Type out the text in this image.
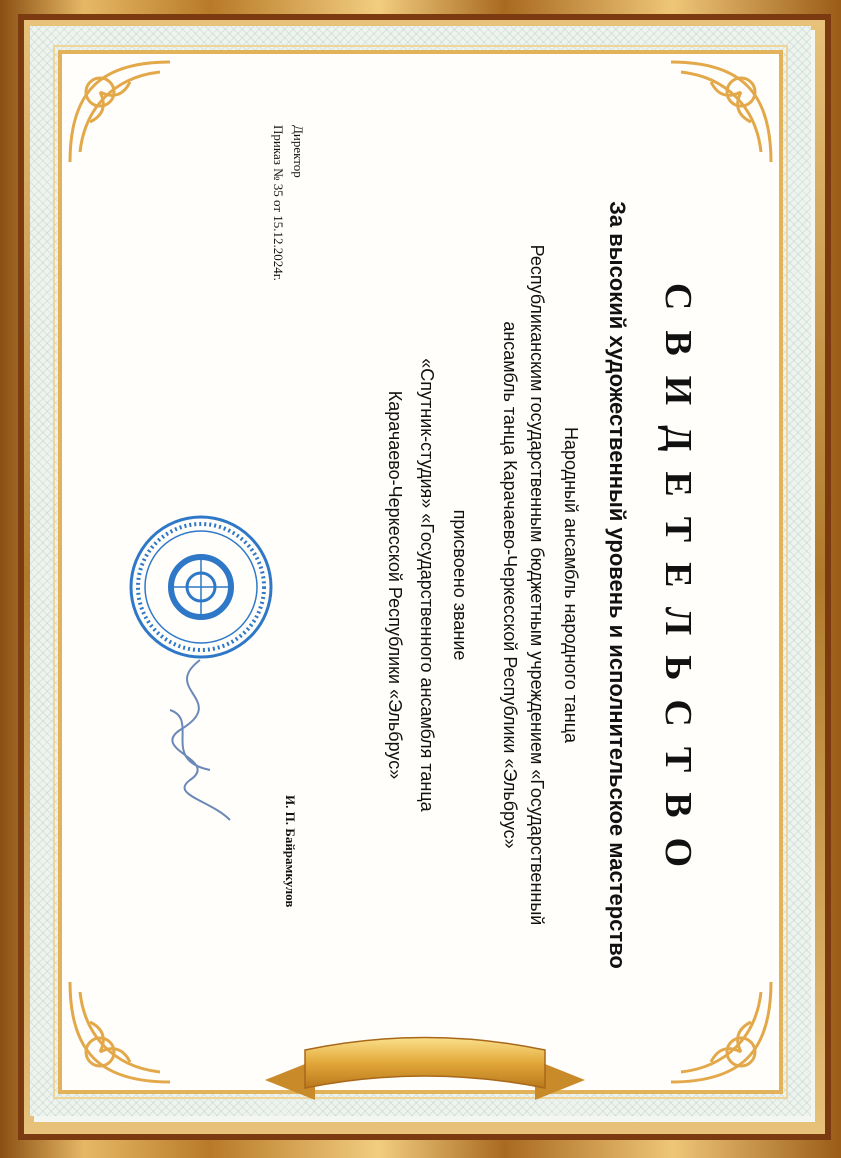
СВИДЕТЕЛЬСТВО
За высокий художественный уровень и исполнительское мастерство
Народный ансамбль народного танца
Республиканским государственным бюджетным учреждением «Государственный
ансамбль танца Карачаево-Черкесской Республики «Эльбрус»
присвоено звание
«Спутник-студия» «Государственного ансамбля танца
Карачаево-Черкесской Республики «Эльбрус»
Директор
Приказ № 35 от 15.12.2024г.
И. П. Байрамкулов
